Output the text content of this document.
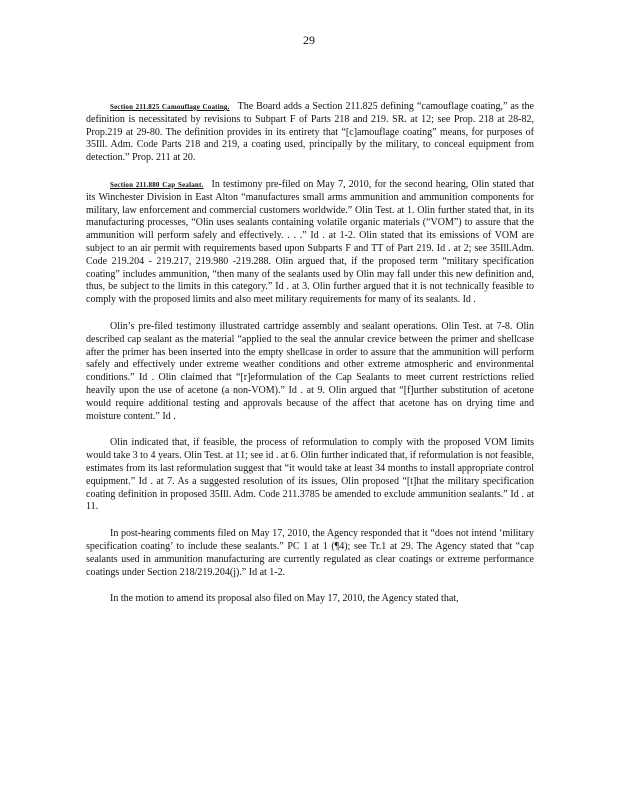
29

Section 211.825 Camouflage Coating. The Board adds a Section 211.825 defining “camouflage coating,” as the definition is necessitated by revisions to Subpart F of Parts 218 and 219. SR. at 12; see Prop. 218 at 28-82, Prop.219 at 29-80. The definition provides in its entirety that “[c]amouflage coating” means, for purposes of 35Ill. Adm. Code Parts 218 and 219, a coating used, principally by the military, to conceal equipment from detection.” Prop. 211 at 20.

Section 211.880 Cap Sealant. In testimony pre-filed on May 7, 2010, for the second hearing, Olin stated that its Winchester Division in East Alton “manufactures small arms ammunition and ammunition components for military, law enforcement and commercial customers worldwide.” Olin Test. at 1. Olin further stated that, in its manufacturing processes, “Olin uses sealants containing volatile organic materials (“VOM”) to assure that the ammunition will perform safely and effectively. . . .” Id . at 1-2. Olin stated that its emissions of VOM are subject to an air permit with requirements based upon Subparts F and TT of Part 219. Id . at 2; see 35Ill.Adm. Code 219.204 - 219.217, 219.980 -219.288. Olin argued that, if the proposed term “military specification coating” includes ammunition, “then many of the sealants used by Olin may fall under this new definition and, thus, be subject to the limits in this category.” Id . at 3. Olin further argued that it is not technically feasible to comply with the proposed limits and also meet military requirements for many of its sealants. Id .

Olin’s pre-filed testimony illustrated cartridge assembly and sealant operations. Olin Test. at 7-8. Olin described cap sealant as the material “applied to the seal the annular crevice between the primer and shellcase after the primer has been inserted into the empty shellcase in order to assure that the ammunition will perform safely and effectively under extreme weather conditions and other extreme atmospheric and environmental conditions.” Id . Olin claimed that “[r]eformulation of the Cap Sealants to meet current restrictions relied heavily upon the use of acetone (a non-VOM).” Id . at 9. Olin argued that “[f]urther substitution of acetone would require additional testing and approvals because of the affect that acetone has on drying time and moisture content.” Id .

Olin indicated that, if feasible, the process of reformulation to comply with the proposed VOM limits would take 3 to 4 years. Olin Test. at 11; see id . at 6. Olin further indicated that, if reformulation is not feasible, estimates from its last reformulation suggest that “it would take at least 34 months to install appropriate control equipment.” Id . at 7. As a suggested resolution of its issues, Olin proposed “[t]hat the military specification coating definition in proposed 35Ill. Adm. Code 211.3785 be amended to exclude ammunition sealants.” Id . at 11.

In post-hearing comments filed on May 17, 2010, the Agency responded that it “does not intend ‘military specification coating’ to include these sealants.” PC 1 at 1 (¶4); see Tr.1 at 29. The Agency stated that “cap sealants used in ammunition manufacturing are currently regulated as clear coatings or extreme performance coatings under Section 218/219.204(j).” Id at 1-2.

In the motion to amend its proposal also filed on May 17, 2010, the Agency stated that,
